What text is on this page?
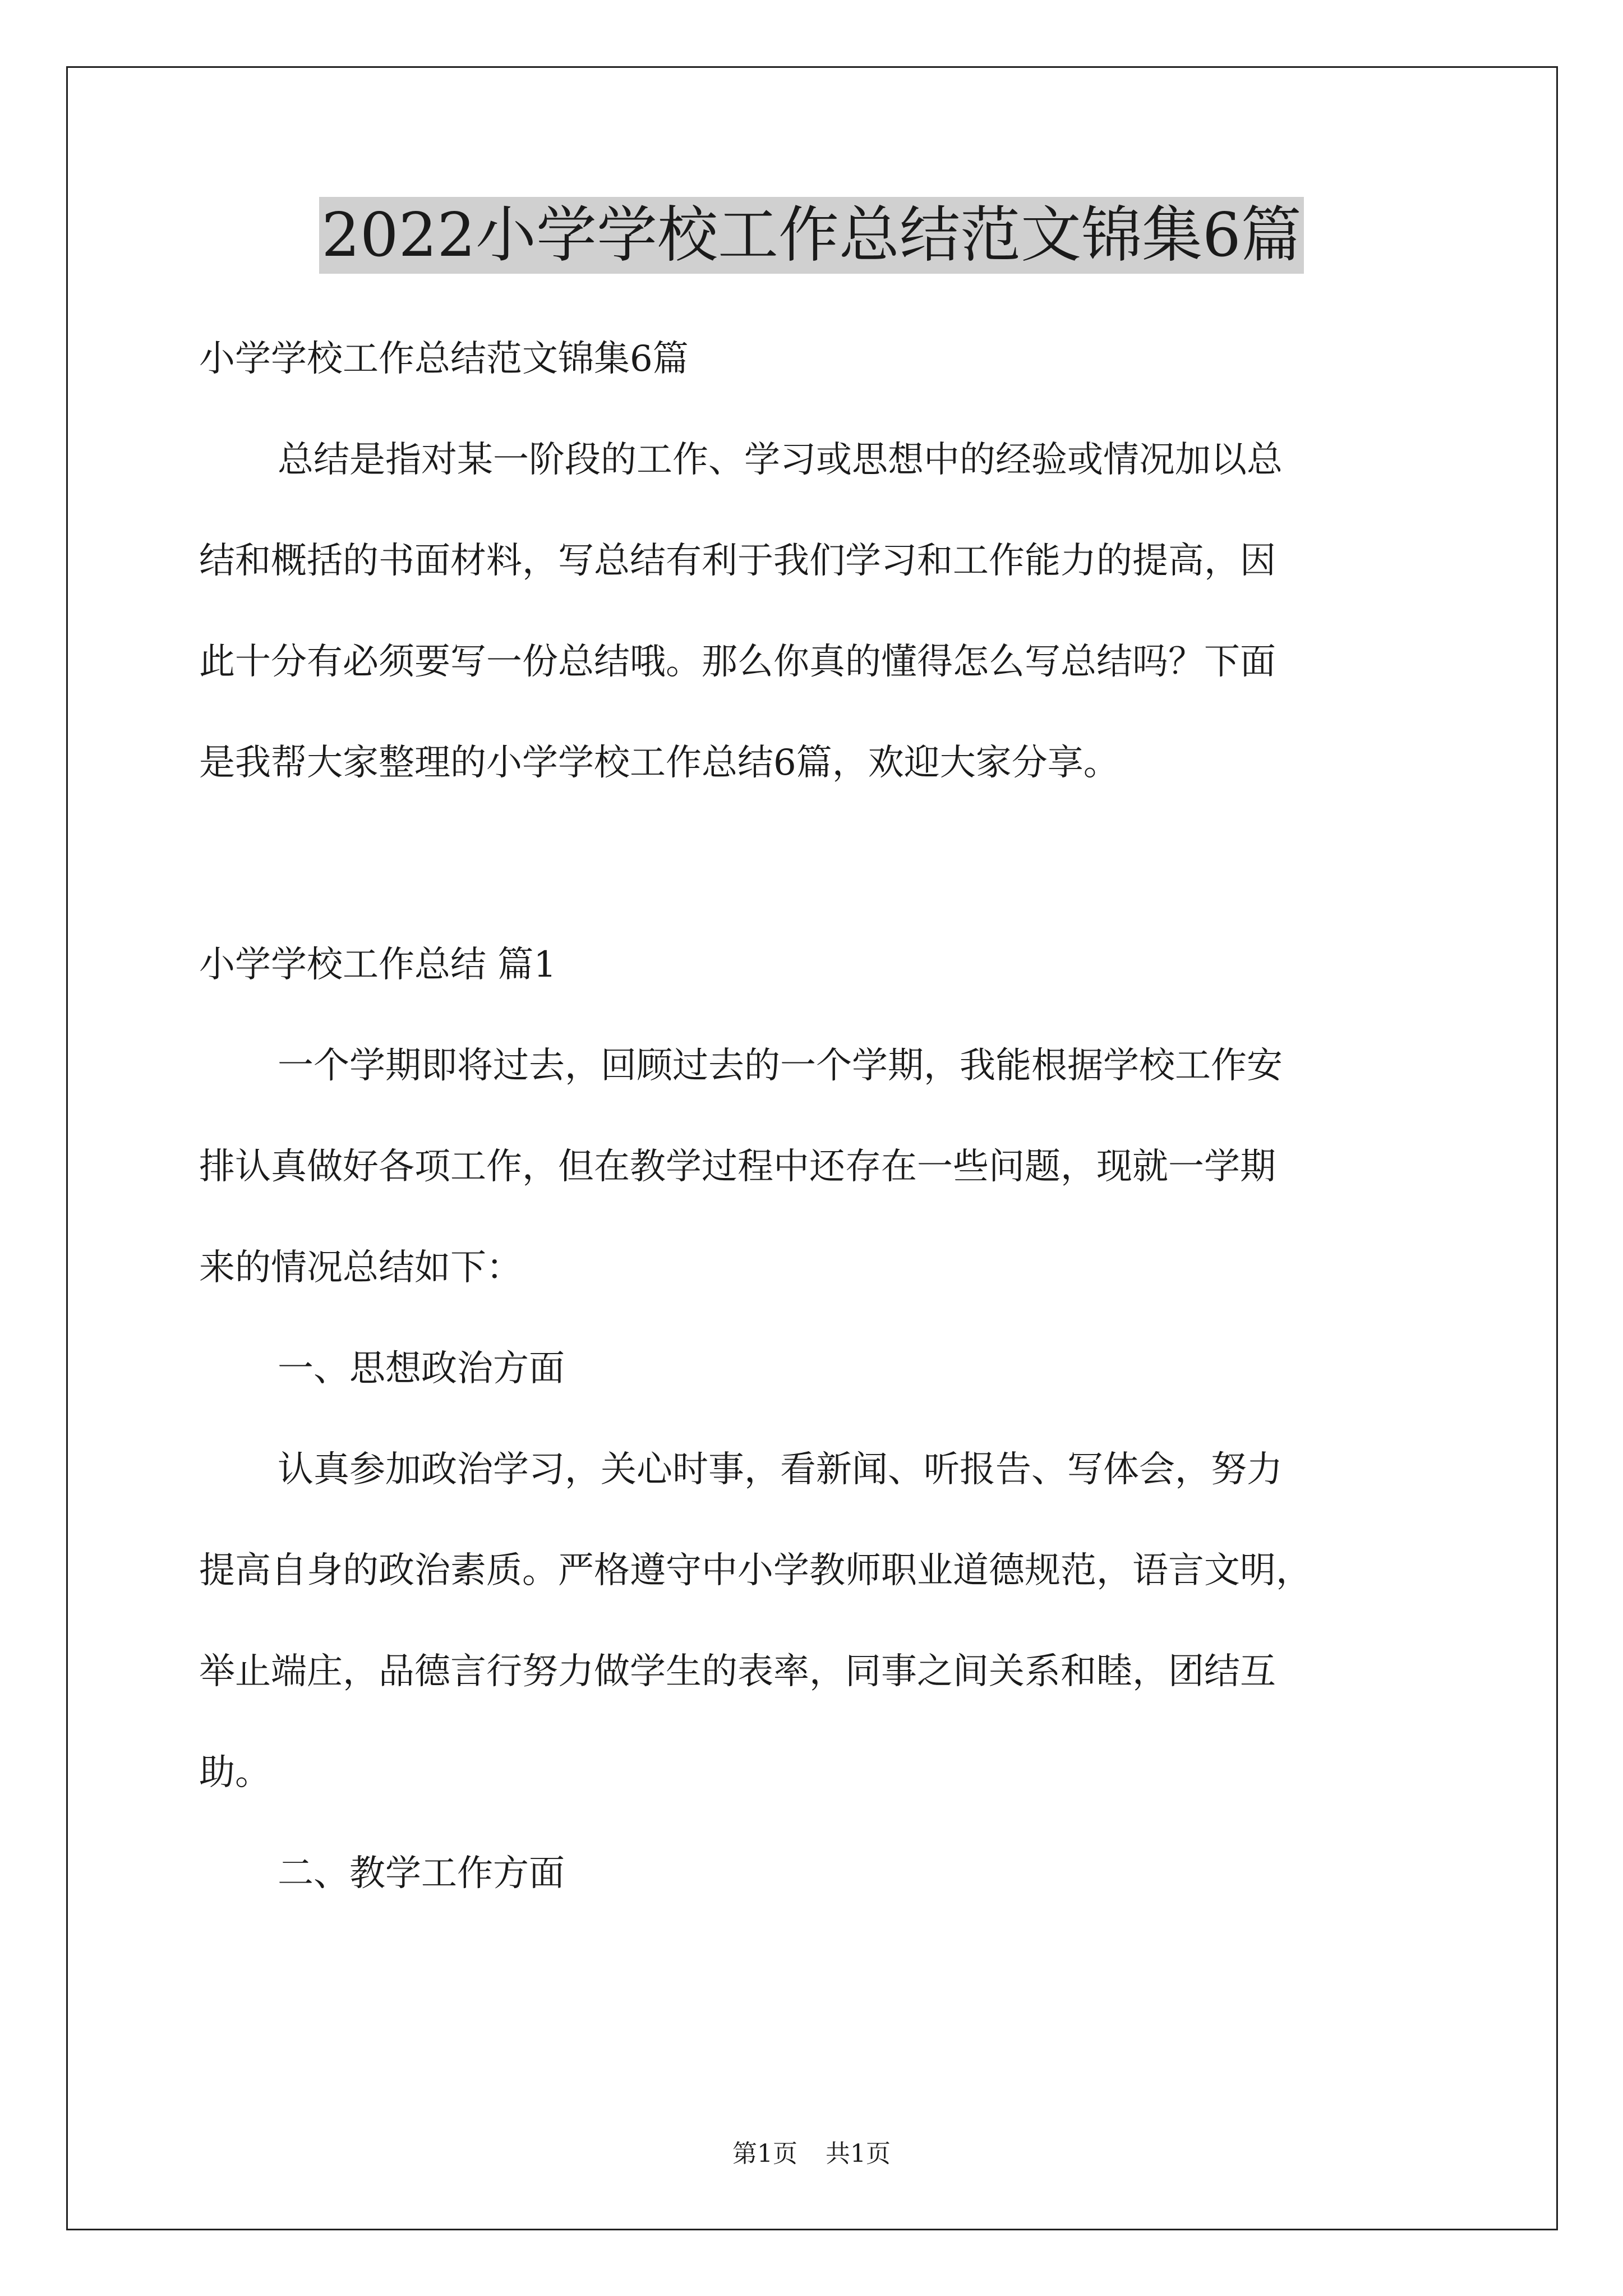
2022小学学校工作总结范文锦集6篇
小学学校工作总结范文锦集6篇
总结是指对某一阶段的工作、学习或思想中的经验或情况加以总
结和概括的书面材料，写总结有利于我们学习和工作能力的提高，因
此十分有必须要写一份总结哦。那么你真的懂得怎么写总结吗？下面
是我帮大家整理的小学学校工作总结6篇，欢迎大家分享。
小学学校工作总结 篇1
一个学期即将过去，回顾过去的一个学期，我能根据学校工作安
排认真做好各项工作，但在教学过程中还存在一些问题，现就一学期
来的情况总结如下：
一、思想政治方面
认真参加政治学习，关心时事，看新闻、听报告、写体会，努力
提高自身的政治素质。严格遵守中小学教师职业道德规范，语言文明，
举止端庄，品德言行努力做学生的表率，同事之间关系和睦，团结互
助。
二、教学工作方面
第1页 共1页
